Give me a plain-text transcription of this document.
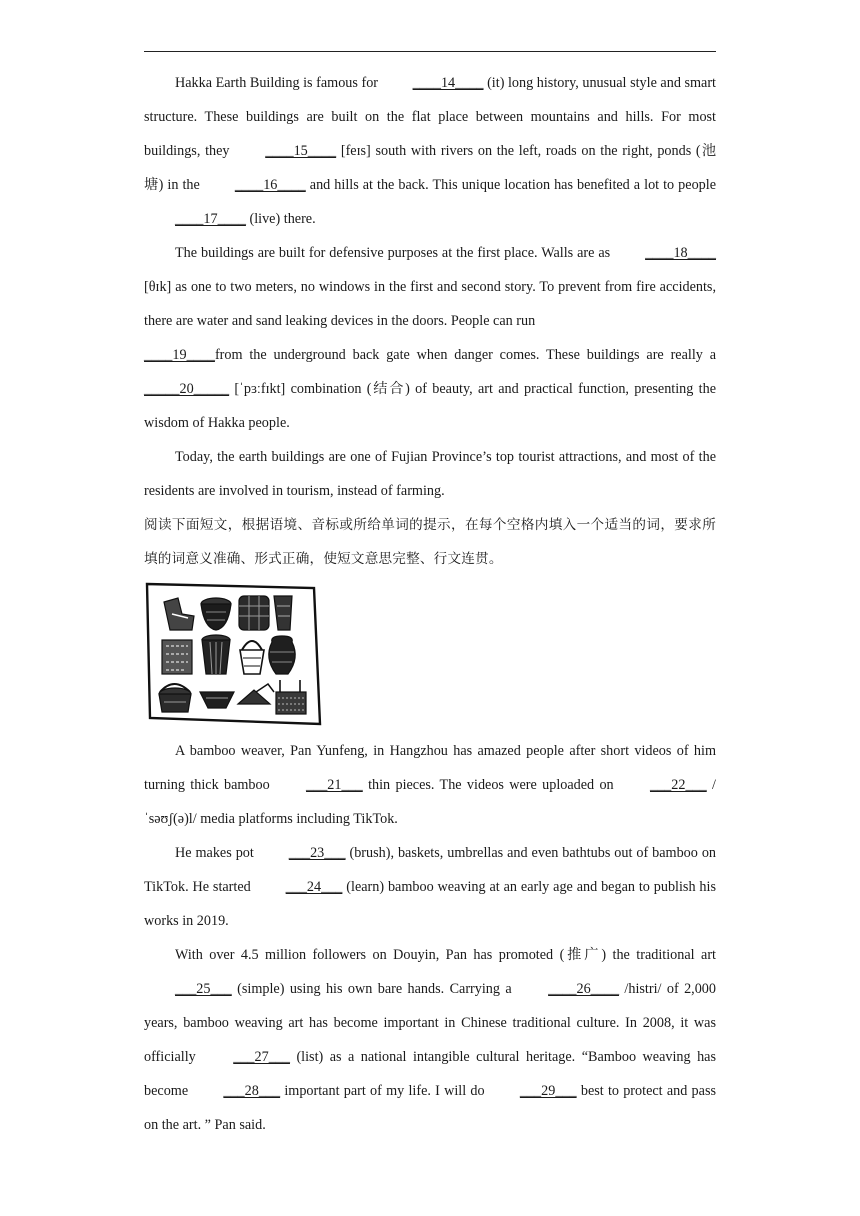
Hakka Earth Building is famous for ____14____ (it) long history, unusual style and smart structure. These buildings are built on the flat place between mountains and hills. For most buildings, they ____15____ [feɪs] south with rivers on the left, roads on the right, ponds (池塘) in the ____16____ and hills at the back. This unique location has benefited a lot to people____17____ (live) there.

The buildings are built for defensive purposes at the first place. Walls are as ____18____ [θɪk] as one to two meters, no windows in the first and second story. To prevent from fire accidents, there are water and sand leaking devices in the doors. People can run

____19____from the underground back gate when danger comes. These buildings are really a _____20_____ [ˈpɜːfɪkt] combination (结合) of beauty, art and practical function, presenting the wisdom of Hakka people.

Today, the earth buildings are one of Fujian Province’s top tourist attractions, and most of the residents are involved in tourism, instead of farming.

阅读下面短文，根据语境、音标或所给单词的提示，在每个空格内填入一个适当的词，要求所填的词意义准确、形式正确，使短文意思完整、行文连贯。

A bamboo weaver, Pan Yunfeng, in Hangzhou has amazed people after short videos of him turning thick bamboo ___21___ thin pieces. The videos were uploaded on ___22___ /ˈsəʊʃ(ə)l/ media platforms including TikTok.

He makes pot ___23___ (brush), baskets, umbrellas and even bathtubs out of bamboo on TikTok. He started ___24___ (learn) bamboo weaving at an early age and began to publish his works in 2019.

With over 4.5 million followers on Douyin, Pan has promoted (推广) the traditional art ___25___ (simple) using his own bare hands. Carrying a ____26____ /histri/ of 2,000 years, bamboo weaving art has become important in Chinese traditional culture. In 2008, it was officially ___27___ (list) as a national intangible cultural heritage. “Bamboo weaving has become ___28___ important part of my life. I will do ___29___ best to protect and pass on the art. ” Pan said.
